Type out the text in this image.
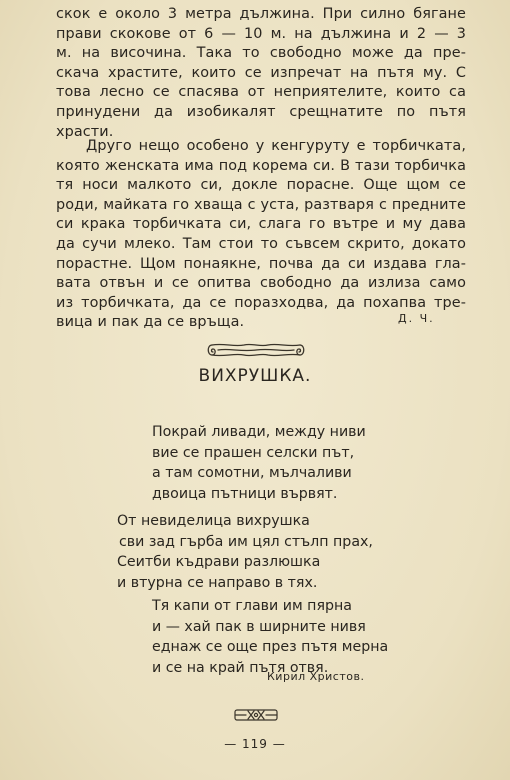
скок е около 3 метра дължина. При силно бягане
прави скокове от 6 — 10 м. на дължина и 2 — 3
м. на височина. Така то свободно може да пре-
скача храстите, които се изпречат на пътя му. С
това лесно се спасява от неприятелите, които са
принудени да изобикалят срещнатите по пътя
храсти.
Друго нещо особено у кенгуруту е торбичката,
която женската има под корема си. В тази торбичка
тя носи малкото си, докле порасне. Още щом се
роди, майката го хваща с уста, разтваря с предните
си крака торбичката си, слага го вътре и му дава
да сучи млеко. Там стои то съвсем скрито, докато
порастне. Щом понаякне, почва да си издава гла-
вата отвън и се опитва свободно да излиза само
из торбичката, да се поразходва, да похапва тре-
вица и пак да се връща.	Д. Ч.
ВИХРУШКА.
Покрай ливади, между ниви
вие се прашен селски път,
а там сомотни, мълчаливи
двоица пътници вървят.
От невиделица вихрушка
сви зад гърба им цял стълп прах,
Сеитби къдрави разлюшка
и втурна се направо в тях.
Тя капи от глави им пярна
и — хай пак в ширните нивя
еднаж се още през пътя мерна
и се на край пътя отвя.
Кирил Христов.
— 119 —
